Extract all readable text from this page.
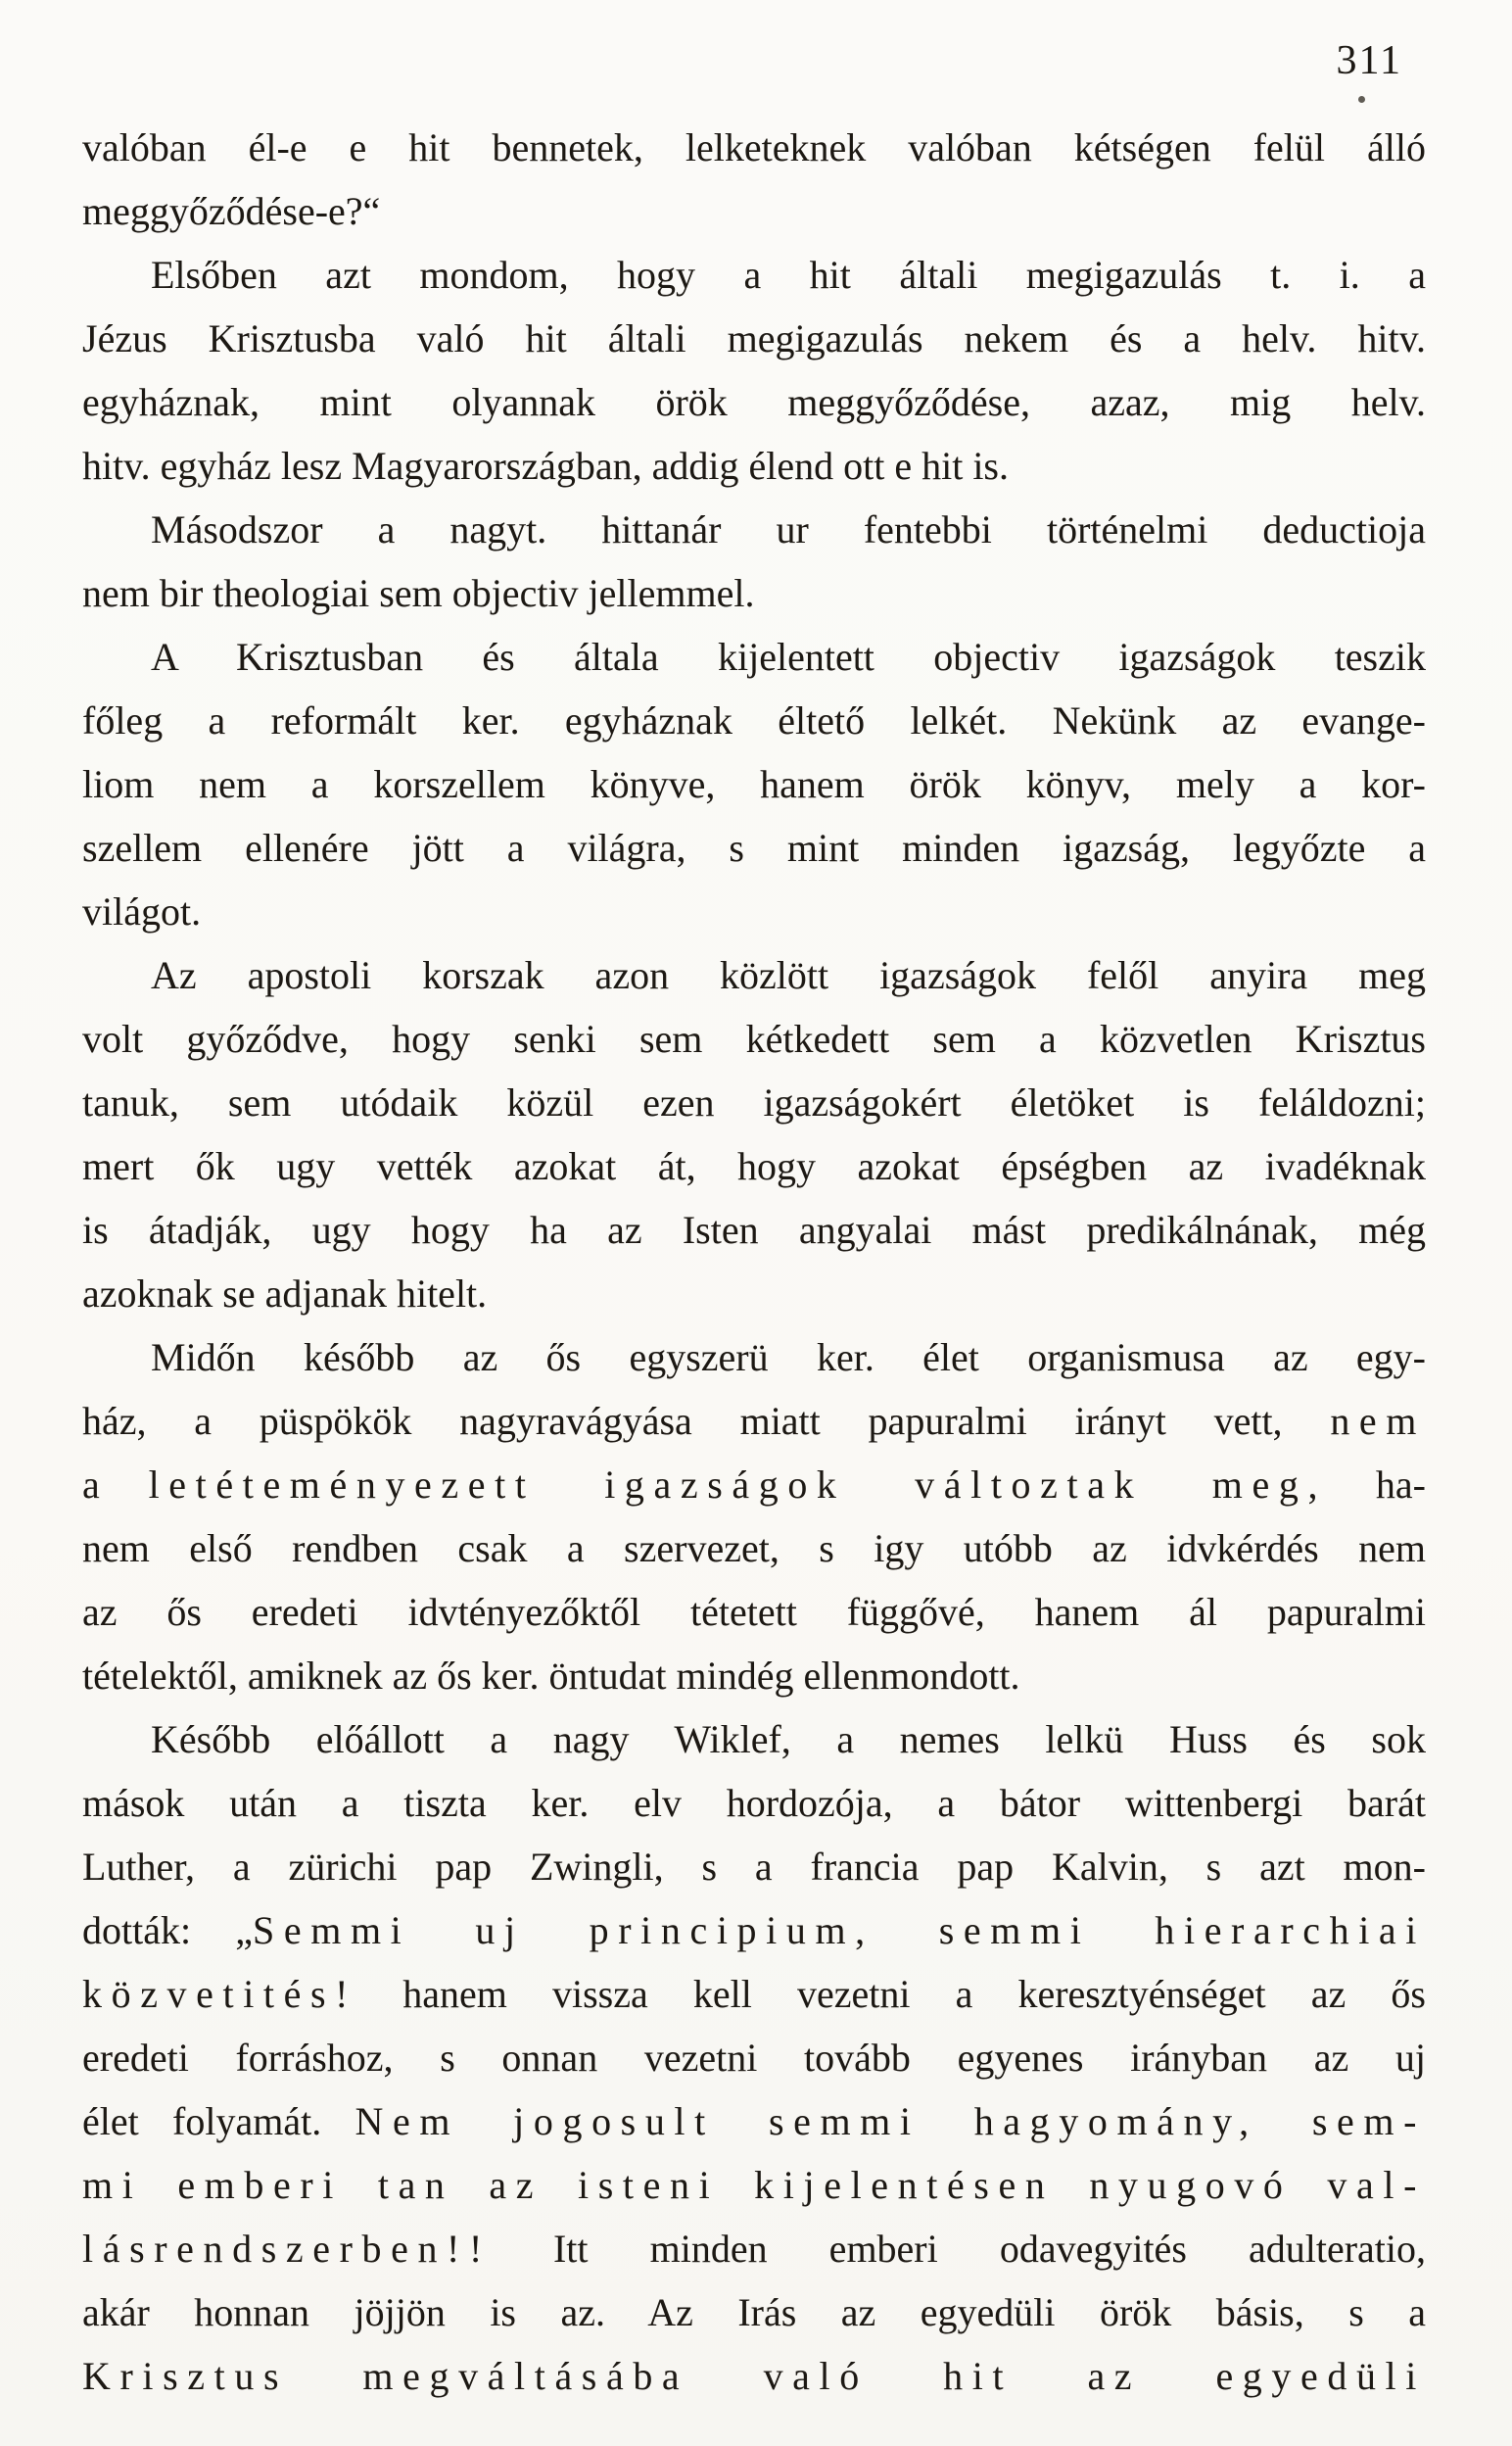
311
valóban él-e e hit bennetek, lelketeknek valóban kétségen felül álló
meggyőződése-e?“
Elsőben azt mondom, hogy a hit általi megigazulás t. i. a
Jézus Krisztusba való hit általi megigazulás nekem és a helv. hitv.
egyháznak, mint olyannak örök meggyőződése, azaz, mig helv.
hitv. egyház lesz Magyarországban, addig élend ott e hit is.
Másodszor a nagyt. hittanár ur fentebbi történelmi deductioja
nem bir theologiai sem objectiv jellemmel.
A Krisztusban és általa kijelentett objectiv igazságok teszik
főleg a reformált ker. egyháznak éltető lelkét. Nekünk az evange-
liom nem a korszellem könyve, hanem örök könyv, mely a kor-
szellem ellenére jött a világra, s mint minden igazság, legyőzte a
világot.
Az apostoli korszak azon közlött igazságok felől anyira meg
volt győződve, hogy senki sem kétkedett sem a közvetlen Krisztus
tanuk, sem utódaik közül ezen igazságokért életöket is feláldozni;
mert ők ugy vették azokat át, hogy azokat épségben az ivadéknak
is átadják, ugy hogy ha az Isten angyalai mást predikálnának, még
azoknak se adjanak hitelt.
Midőn később az ős egyszerü ker. élet organismusa az egy-
ház, a püspökök nagyravágyása miatt papuralmi irányt vett, nem
a letéteményezett igazságok változtak meg, ha-
nem első rendben csak a szervezet, s igy utóbb az idvkérdés nem
az ős eredeti idvtényezőktől tétetett függővé, hanem ál papuralmi
tételektől, amiknek az ős ker. öntudat mindég ellenmondott.
Később előállott a nagy Wiklef, a nemes lelkü Huss és sok
mások után a tiszta ker. elv hordozója, a bátor wittenbergi barát
Luther, a zürichi pap Zwingli, s a francia pap Kalvin, s azt mon-
dották: „Semmi uj principium, semmi hierarchiai
közvetités! hanem vissza kell vezetni a keresztyénséget az ős
eredeti forráshoz, s onnan vezetni tovább egyenes irányban az uj
élet folyamát. Nem jogosult semmi hagyomány, sem-
mi emberi tan az isteni kijelentésen nyugovó val-
lásrendszerben!! Itt minden emberi odavegyités adulteratio,
akár honnan jöjjön is az. Az Irás az egyedüli örök básis, s a
Krisztus megváltásába való hit az egyedüli
